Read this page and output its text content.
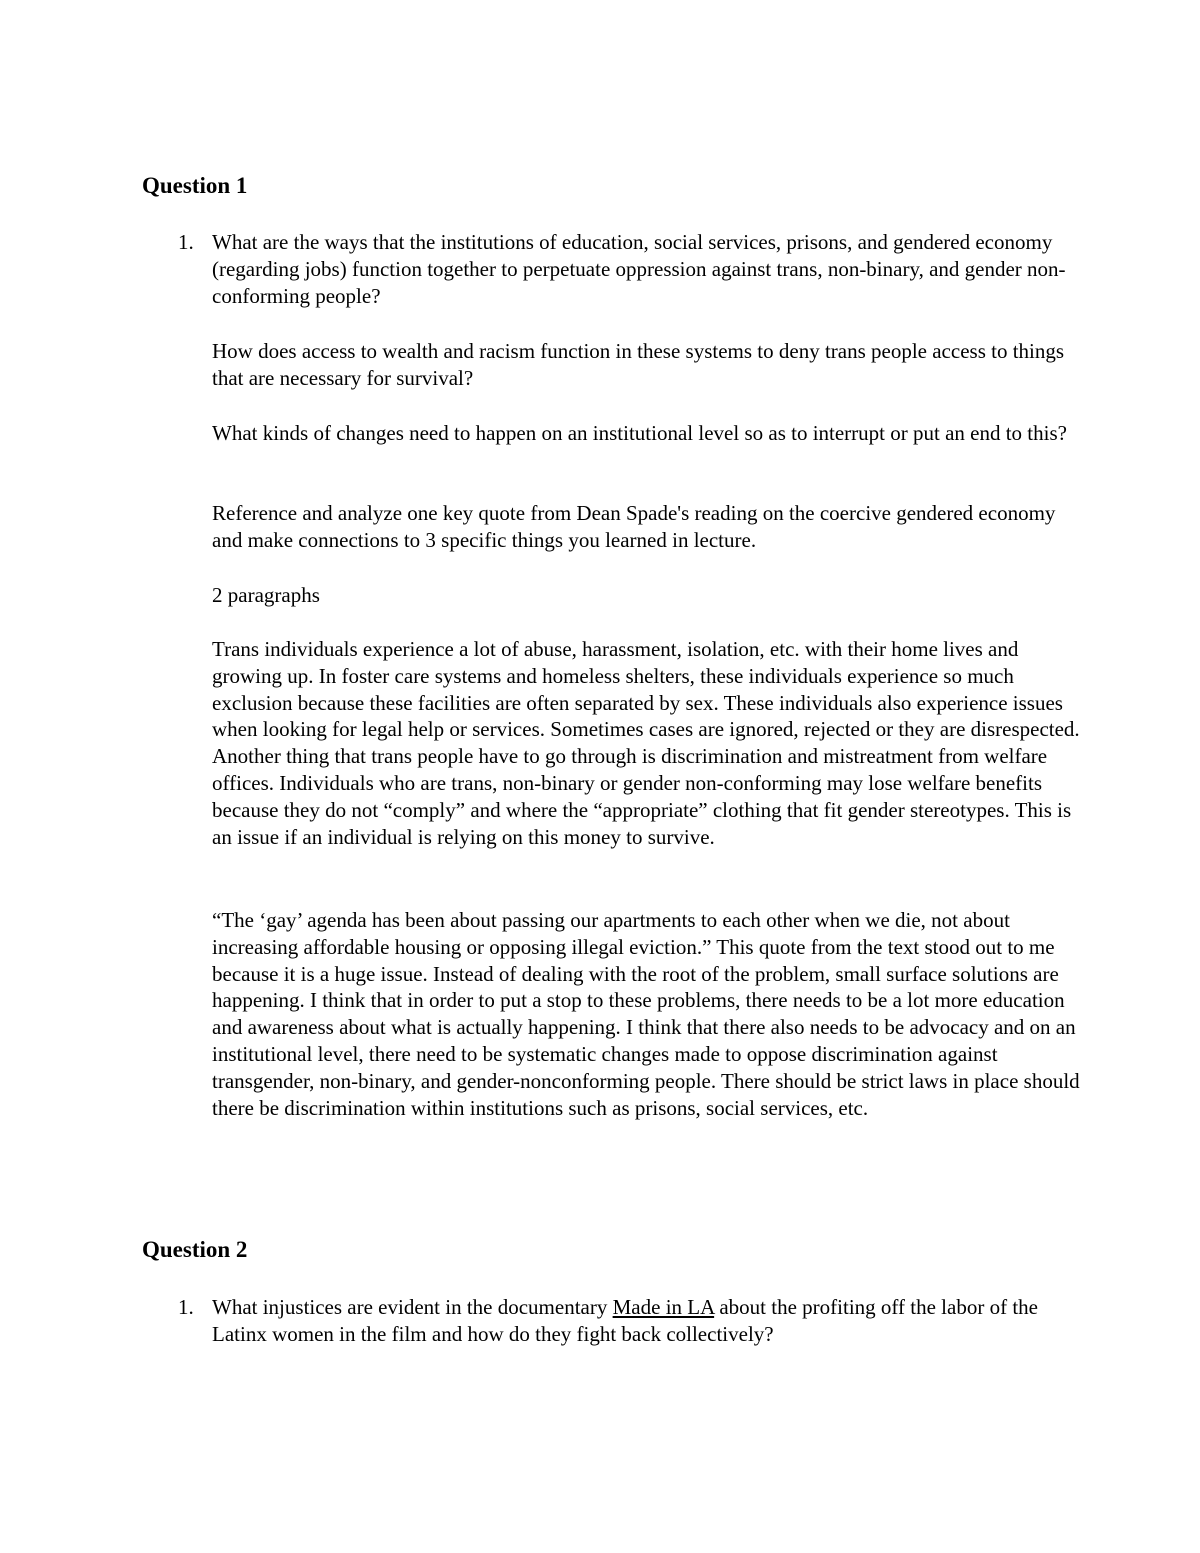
Question 1
1. What are the ways that the institutions of education, social services, prisons, and gendered economy (regarding jobs) function together to perpetuate oppression against trans, non-binary, and gender non-conforming people?

How does access to wealth and racism function in these systems to deny trans people access to things that are necessary for survival?

What kinds of changes need to happen on an institutional level so as to interrupt or put an end to this?

Reference and analyze one key quote from Dean Spade's reading on the coercive gendered economy and make connections to 3 specific things you learned in lecture.

2 paragraphs

Trans individuals experience a lot of abuse, harassment, isolation, etc. with their home lives and growing up. In foster care systems and homeless shelters, these individuals experience so much exclusion because these facilities are often separated by sex. These individuals also experience issues when looking for legal help or services. Sometimes cases are ignored, rejected or they are disrespected. Another thing that trans people have to go through is discrimination and mistreatment from welfare offices. Individuals who are trans, non-binary or gender non-conforming may lose welfare benefits because they do not “comply” and where the “appropriate” clothing that fit gender stereotypes. This is an issue if an individual is relying on this money to survive.

“The ‘gay’ agenda has been about passing our apartments to each other when we die, not about increasing affordable housing or opposing illegal eviction.” This quote from the text stood out to me because it is a huge issue. Instead of dealing with the root of the problem, small surface solutions are happening. I think that in order to put a stop to these problems, there needs to be a lot more education and awareness about what is actually happening. I think that there also needs to be advocacy and on an institutional level, there need to be systematic changes made to oppose discrimination against transgender, non-binary, and gender-nonconforming people. There should be strict laws in place should there be discrimination within institutions such as prisons, social services, etc.

Question 2
1. What injustices are evident in the documentary Made in LA about the profiting off the labor of the Latinx women in the film and how do they fight back collectively?
